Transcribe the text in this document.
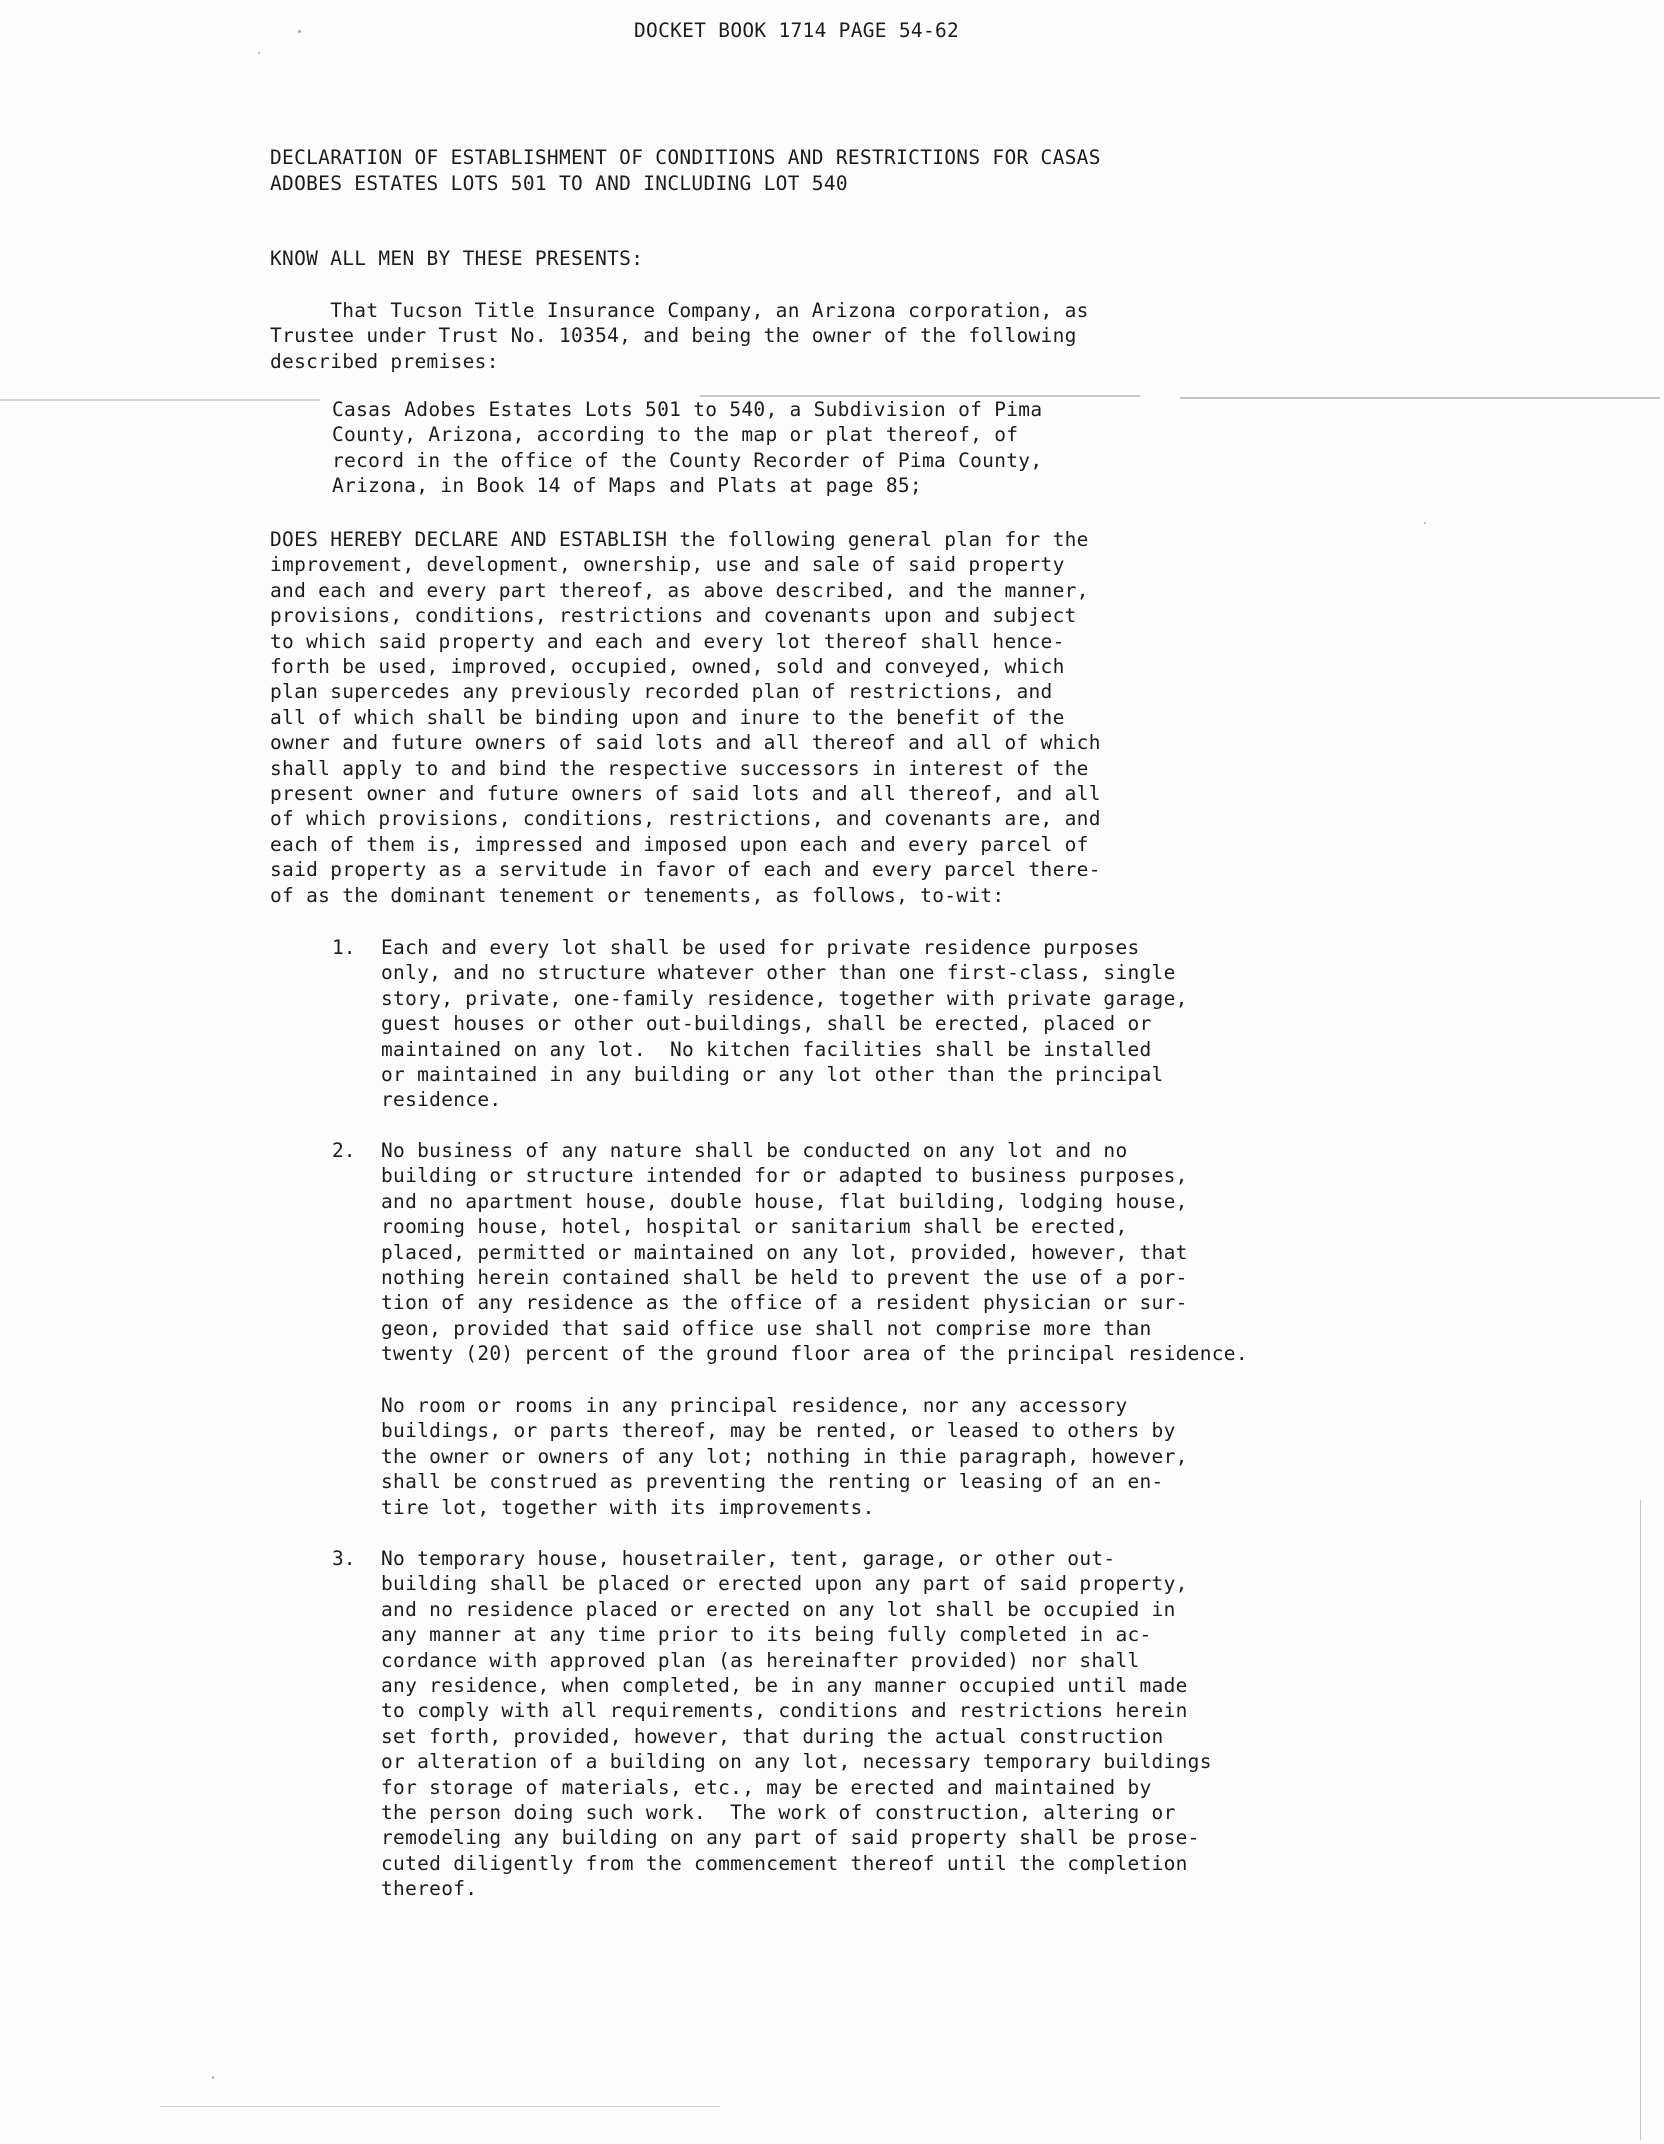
DOCKET BOOK 1714 PAGE 54-62
DECLARATION OF ESTABLISHMENT OF CONDITIONS AND RESTRICTIONS FOR CASAS
ADOBES ESTATES LOTS 501 TO AND INCLUDING LOT 540
KNOW ALL MEN BY THESE PRESENTS:
That Tucson Title Insurance Company, an Arizona corporation, as
Trustee under Trust No. 10354, and being the owner of the following
described premises:
Casas Adobes Estates Lots 501 to 540, a Subdivision of Pima
County, Arizona, according to the map or plat thereof, of
record in the office of the County Recorder of Pima County,
Arizona, in Book 14 of Maps and Plats at page 85;
DOES HEREBY DECLARE AND ESTABLISH the following general plan for the
improvement, development, ownership, use and sale of said property
and each and every part thereof, as above described, and the manner,
provisions, conditions, restrictions and covenants upon and subject
to which said property and each and every lot thereof shall hence-
forth be used, improved, occupied, owned, sold and conveyed, which
plan supercedes any previously recorded plan of restrictions, and
all of which shall be binding upon and inure to the benefit of the
owner and future owners of said lots and all thereof and all of which
shall apply to and bind the respective successors in interest of the
present owner and future owners of said lots and all thereof, and all
of which provisions, conditions, restrictions, and covenants are, and
each of them is, impressed and imposed upon each and every parcel of
said property as a servitude in favor of each and every parcel there-
of as the dominant tenement or tenements, as follows, to-wit:
1. Each and every lot shall be used for private residence purposes
only, and no structure whatever other than one first-class, single
story, private, one-family residence, together with private garage,
guest houses or other out-buildings, shall be erected, placed or
maintained on any lot.  No kitchen facilities shall be installed
or maintained in any building or any lot other than the principal
residence.
2. No business of any nature shall be conducted on any lot and no
building or structure intended for or adapted to business purposes,
and no apartment house, double house, flat building, lodging house,
rooming house, hotel, hospital or sanitarium shall be erected,
placed, permitted or maintained on any lot, provided, however, that
nothing herein contained shall be held to prevent the use of a por-
tion of any residence as the office of a resident physician or sur-
geon, provided that said office use shall not comprise more than
twenty (20) percent of the ground floor area of the principal residence.
No room or rooms in any principal residence, nor any accessory
buildings, or parts thereof, may be rented, or leased to others by
the owner or owners of any lot; nothing in thie paragraph, however,
shall be construed as preventing the renting or leasing of an en-
tire lot, together with its improvements.
3. No temporary house, housetrailer, tent, garage, or other out-
building shall be placed or erected upon any part of said property,
and no residence placed or erected on any lot shall be occupied in
any manner at any time prior to its being fully completed in ac-
cordance with approved plan (as hereinafter provided) nor shall
any residence, when completed, be in any manner occupied until made
to comply with all requirements, conditions and restrictions herein
set forth, provided, however, that during the actual construction
or alteration of a building on any lot, necessary temporary buildings
for storage of materials, etc., may be erected and maintained by
the person doing such work.  The work of construction, altering or
remodeling any building on any part of said property shall be prose-
cuted diligently from the commencement thereof until the completion
thereof.
